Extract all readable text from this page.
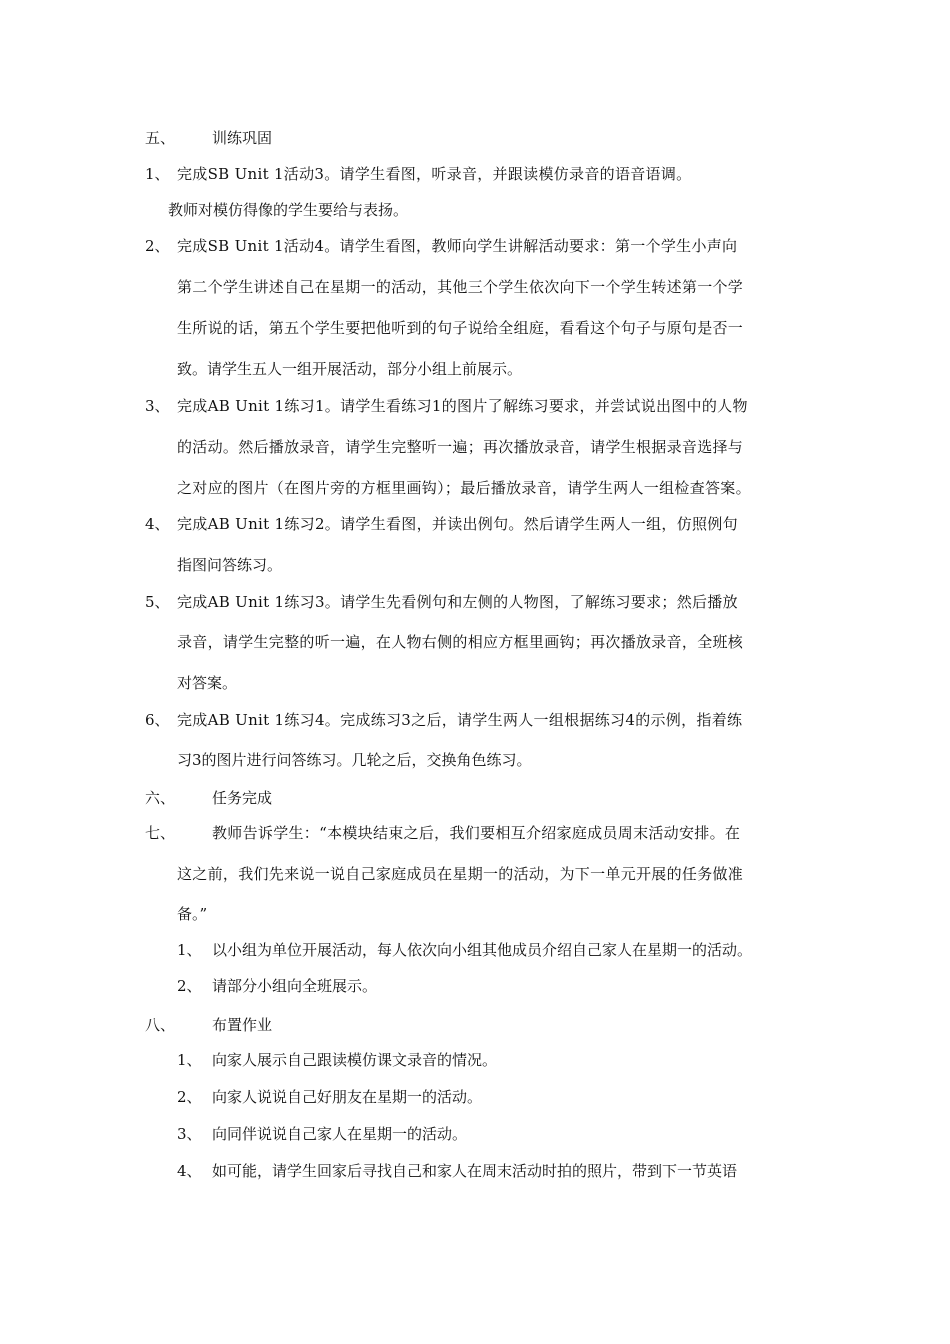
五、 训练巩固
1、 完成SB Unit 1活动3。请学生看图，听录音，并跟读模仿录音的语音语调。
教师对模仿得像的学生要给与表扬。
2、 完成SB Unit 1活动4。请学生看图，教师向学生讲解活动要求：第一个学生小声向
第二个学生讲述自己在星期一的活动，其他三个学生依次向下一个学生转述第一个学
生所说的话，第五个学生要把他听到的句子说给全组庭，看看这个句子与原句是否一
致。请学生五人一组开展活动，部分小组上前展示。
3、 完成AB Unit 1练习1。请学生看练习1的图片了解练习要求，并尝试说出图中的人物
的活动。然后播放录音，请学生完整听一遍；再次播放录音，请学生根据录音选择与
之对应的图片（在图片旁的方框里画钩）；最后播放录音，请学生两人一组检查答案。
4、 完成AB Unit 1练习2。请学生看图，并读出例句。然后请学生两人一组，仿照例句
指图问答练习。
5、 完成AB Unit 1练习3。请学生先看例句和左侧的人物图，了解练习要求；然后播放
录音，请学生完整的听一遍，在人物右侧的相应方框里画钩；再次播放录音，全班核
对答案。
6、 完成AB Unit 1练习4。完成练习3之后，请学生两人一组根据练习4的示例，指着练
习3的图片进行问答练习。几轮之后，交换角色练习。
六、 任务完成
七、 教师告诉学生：“本模块结束之后，我们要相互介绍家庭成员周末活动安排。在
这之前，我们先来说一说自己家庭成员在星期一的活动，为下一单元开展的任务做准
备。”
1、 以小组为单位开展活动，每人依次向小组其他成员介绍自己家人在星期一的活动。
2、 请部分小组向全班展示。
八、 布置作业
1、 向家人展示自己跟读模仿课文录音的情况。
2、 向家人说说自己好朋友在星期一的活动。
3、 向同伴说说自己家人在星期一的活动。
4、 如可能，请学生回家后寻找自己和家人在周末活动时拍的照片，带到下一节英语
